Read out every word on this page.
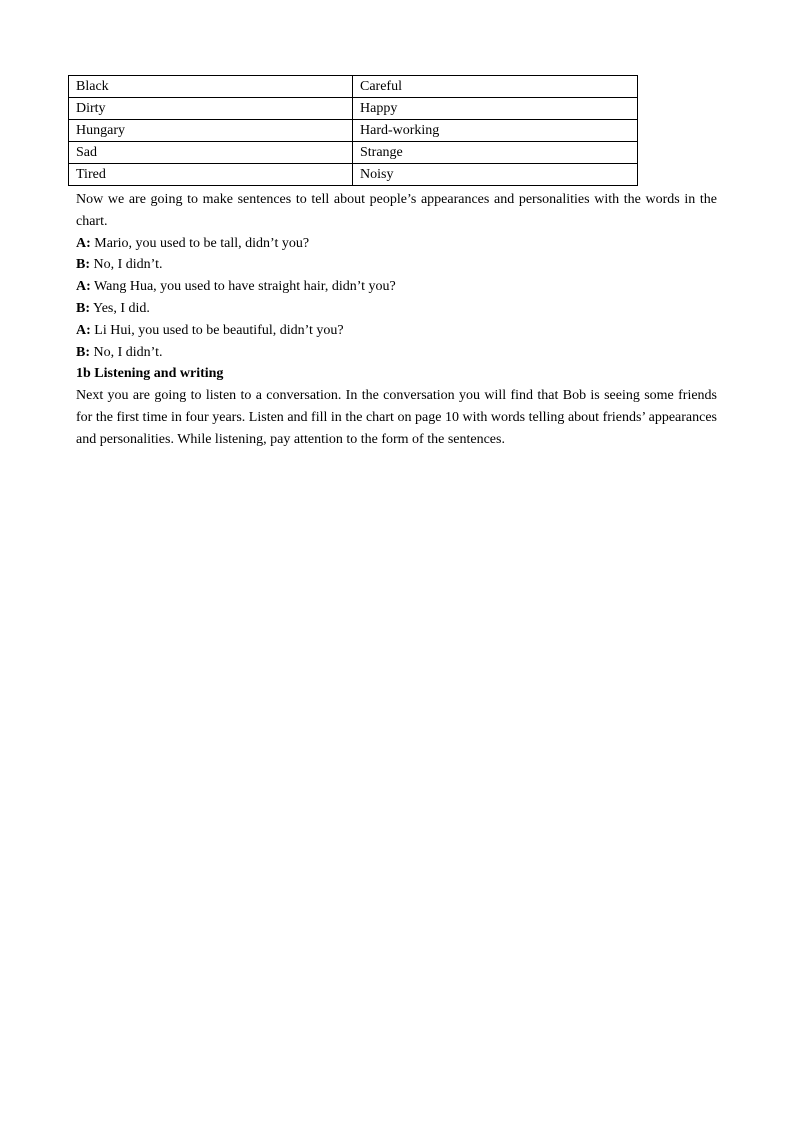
Black	Careful
Dirty	Happy
Hungary	Hard-working
Sad	Strange
Tired	Noisy

Now we are going to make sentences to tell about people’s appearances and personalities with the words in the chart.

A: Mario, you used to be tall, didn’t you?

B: No, I didn’t.

A: Wang Hua, you used to have straight hair, didn’t you?

B: Yes, I did.

A: Li Hui, you used to be beautiful, didn’t you?

B: No, I didn’t.

1b Listening and writing

Next you are going to listen to a conversation. In the conversation you will find that Bob is seeing some friends for the first time in four years. Listen and fill in the chart on page 10 with words telling about friends’ appearances and personalities. While listening, pay attention to the form of the sentences.
